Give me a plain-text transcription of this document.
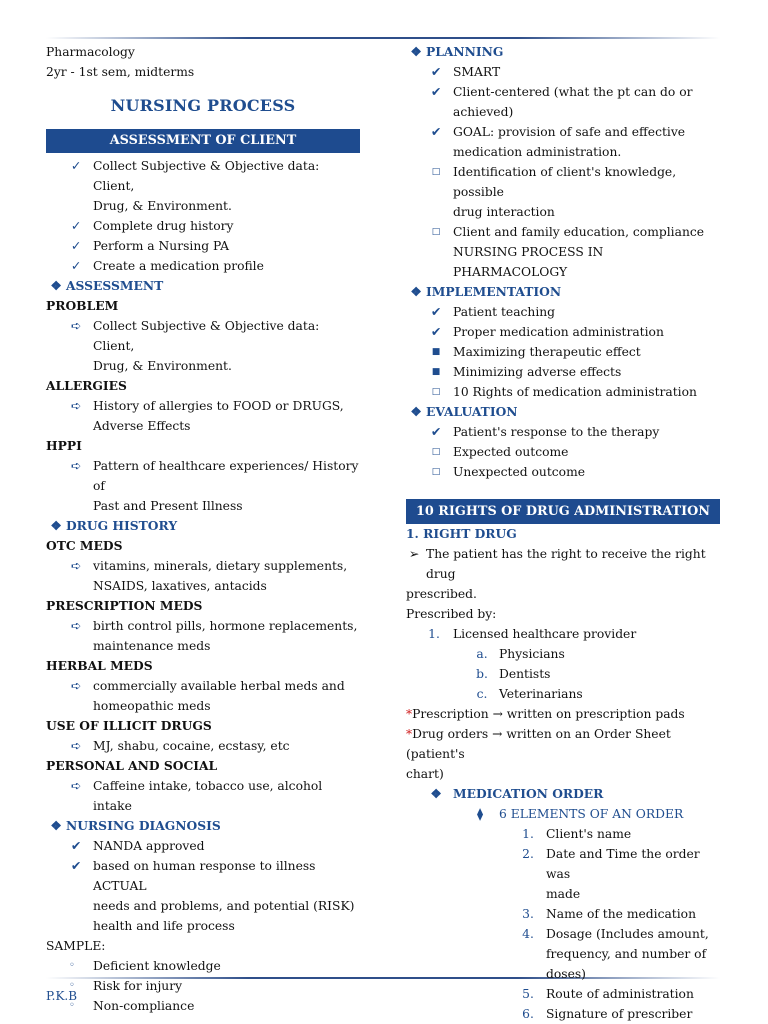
Pharmacology
2yr - 1st sem, midterms
NURSING PROCESS
ASSESSMENT OF CLIENT
✓ Collect Subjective & Objective data: Client,
Drug, & Environment.
✓ Complete drug history
✓ Perform a Nursing PA
✓ Create a medication profile
❖ ASSESSMENT
PROBLEM
➪ Collect Subjective & Objective data: Client,
Drug, & Environment.
ALLERGIES
➪ History of allergies to FOOD or DRUGS,
Adverse Effects
HPPI
➪ Pattern of healthcare experiences/ History of
Past and Present Illness
❖ DRUG HISTORY
OTC MEDS
➪ vitamins, minerals, dietary supplements,
NSAIDS, laxatives, antacids
PRESCRIPTION MEDS
➪ birth control pills, hormone replacements,
maintenance meds
HERBAL MEDS
➪ commercially available herbal meds and
homeopathic meds
USE OF ILLICIT DRUGS
➪ MJ, shabu, cocaine, ecstasy, etc
PERSONAL AND SOCIAL
➪ Caffeine intake, tobacco use, alcohol intake
❖ NURSING DIAGNOSIS
✔ NANDA approved
✔ based on human response to illness ACTUAL
needs and problems, and potential (RISK)
health and life process
SAMPLE:
◦	Deficient knowledge
◦	Risk for injury
◦	Non-compliance
❖ PLANNING
✔ SMART
✔ Client-centered (what the pt can do or
achieved)
✔ GOAL: provision of safe and effective
medication administration.
□	Identification of client's knowledge, possible
drug interaction
□	Client and family education, compliance
NURSING PROCESS IN
PHARMACOLOGY
❖ IMPLEMENTATION
✔ Patient teaching
✔ Proper medication administration
■	Maximizing therapeutic effect
■	Minimizing adverse effects
□	10 Rights of medication administration
❖ EVALUATION
✔ Patient's response to the therapy
□	Expected outcome
□	Unexpected outcome
10 RIGHTS OF DRUG ADMINISTRATION
1. RIGHT DRUG
➢ The patient has the right to receive the right drug
prescribed.
Prescribed by:
1.	Licensed healthcare provider
a. Physicians
b. Dentists
c. Veterinarians
*Prescription → written on prescription pads
*Drug orders → written on an Order Sheet (patient's
chart)
❖ MEDICATION ORDER
⧫	6 ELEMENTS OF AN ORDER
1. Client's name
2. Date and Time the order was
made
3. Name of the medication
4. Dosage (Includes amount,
frequency, and number of
doses)
5. Route of administration
6. Signature of prescriber
P.K.B
